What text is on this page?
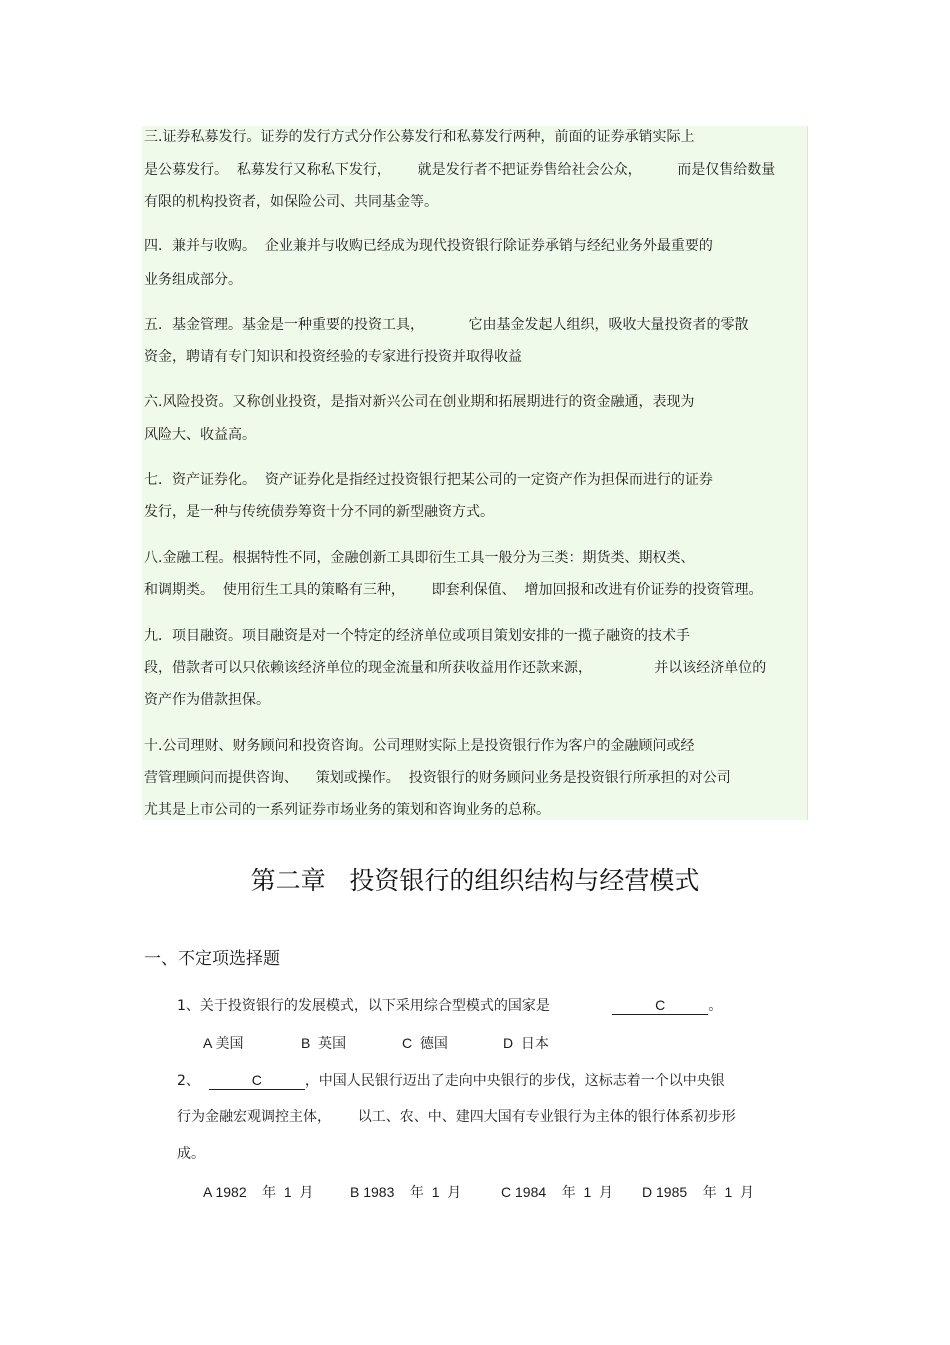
三.证券私募发行。证券的发行方式分作公募发行和私募发行两种，前面的证券承销实际上
是公募发行。  私募发行又称私下发行，      就是发行者不把证券售给社会公众，        而是仅售给数量
有限的机构投资者，如保险公司、共同基金等。
四．兼并与收购。  企业兼并与收购已经成为现代投资银行除证券承销与经纪业务外最重要的
业务组成部分。
五．基金管理。基金是一种重要的投资工具，          它由基金发起人组织，吸收大量投资者的零散
资金，聘请有专门知识和投资经验的专家进行投资并取得收益
六.风险投资。又称创业投资，是指对新兴公司在创业期和拓展期进行的资金融通，表现为
风险大、收益高。
七．资产证券化。  资产证券化是指经过投资银行把某公司的一定资产作为担保而进行的证券
发行，是一种与传统债券筹资十分不同的新型融资方式。
八.金融工程。根据特性不同，金融创新工具即衍生工具一般分为三类：期货类、期权类、
和调期类。  使用衍生工具的策略有三种，      即套利保值、  增加回报和改进有价证券的投资管理。
九．项目融资。项目融资是对一个特定的经济单位或项目策划安排的一揽子融资的技术手
段，借款者可以只依赖该经济单位的现金流量和所获收益用作还款来源，              并以该经济单位的
资产作为借款担保。
十.公司理财、财务顾问和投资咨询。公司理财实际上是投资银行作为客户的金融顾问或经
营管理顾问而提供咨询、    策划或操作。  投资银行的财务顾问业务是投资银行所承担的对公司
尤其是上市公司的一系列证券市场业务的策划和咨询业务的总称。
第二章   投资银行的组织结构与经营模式
一、不定项选择题
1、关于投资银行的发展模式，以下采用综合型模式的国家是	C	。
A 美国	B  英国	C  德国	D  日本
2、	C	，中国人民银行迈出了走向中央银行的步伐，这标志着一个以中央银
行为金融宏观调控主体，      以工、农、中、建四大国有专业银行为主体的银行体系初步形
成。
A 1982    年  1  月	B 1983    年  1  月	C 1984    年  1  月 D 1985    年  1  月
